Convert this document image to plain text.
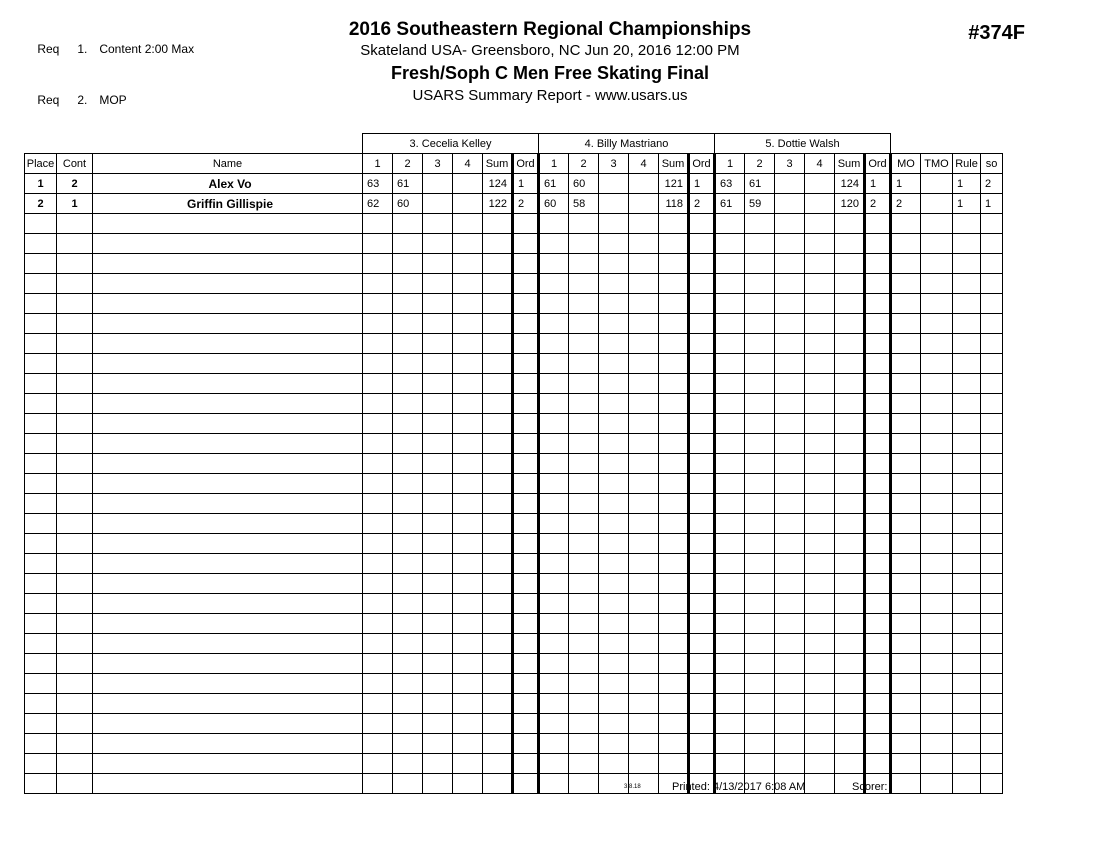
Req 1. Content 2:00 Max

Req 2. MOP

2016 Southeastern Regional Championships
Skateland USA- Greensboro, NC Jun 20, 2016 12:00 PM
Fresh/Soph C Men Free Skating Final
USARS Summary Report - www.usars.us
#374F
			3. Cecelia Kelley						4. Billy Mastriano						5. Dottie Walsh									
Place	Cont	Name	1	2	3	4	Sum	Ord	1	2	3	4	Sum	Ord	1	2	3	4	Sum	Ord	MO	TMO	Rule	so
1	2	Alex Vo	63	61			124	1	61	60			121	1	63	61			124	1	1		1	2
2	1	Griffin Gillispie	62	60			122	2	60	58			118	2	61	59			120	2	2		1	1

3.8.18	Printed: 4/13/2017 6:08 AM	Scorer:
